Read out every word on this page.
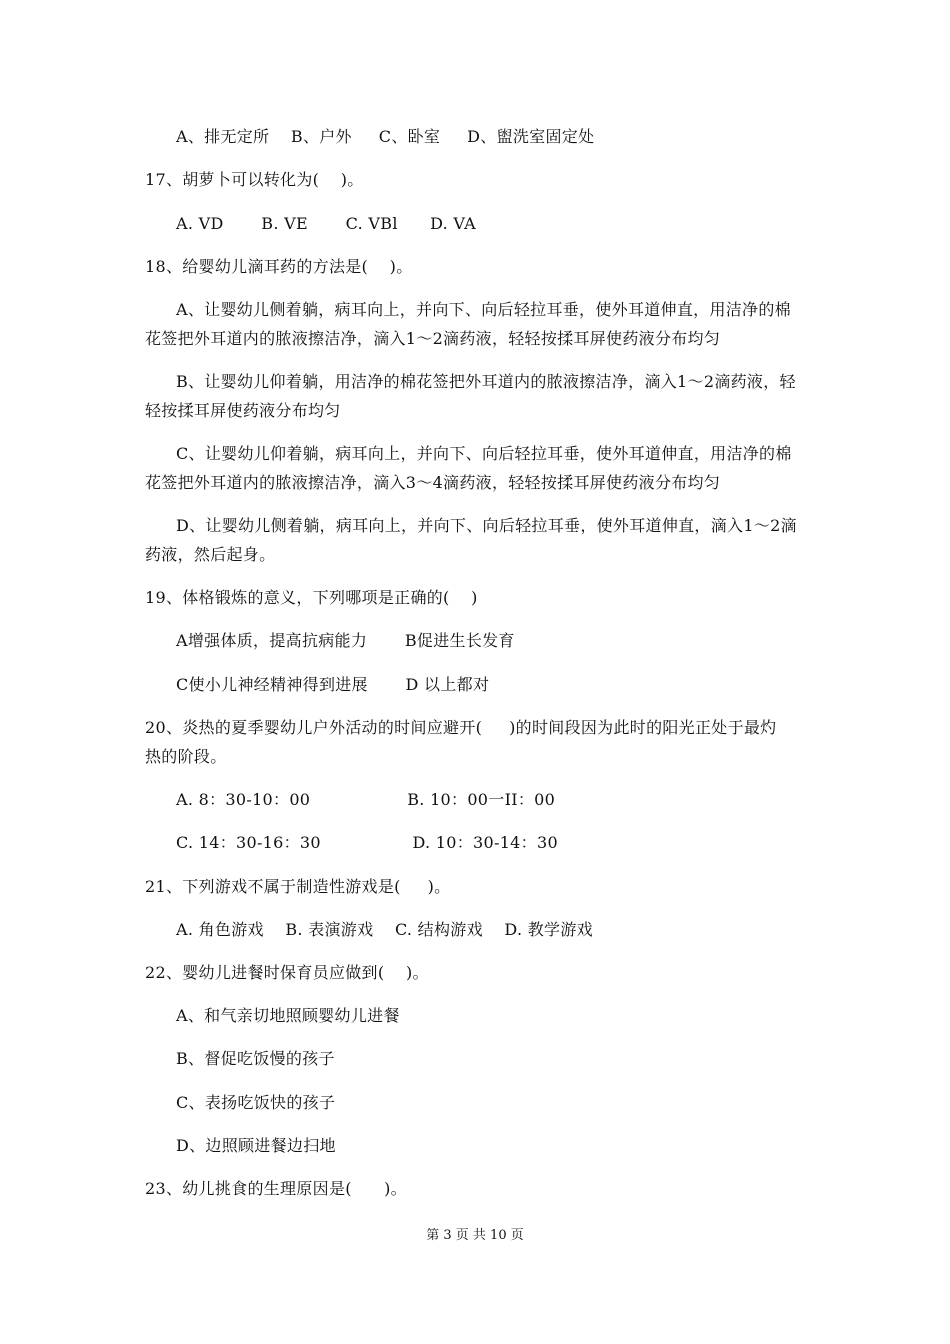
A、排无定所    B、户外     C、卧室     D、盥洗室固定处
17、胡萝卜可以转化为(    )。
A. VD       B. VE       C. VBl      D. VA
18、给婴幼儿滴耳药的方法是(    )。
A、让婴幼儿侧着躺，病耳向上，并向下、向后轻拉耳垂，使外耳道伸直，用洁净的棉
花签把外耳道内的脓液擦洁净，滴入1～2滴药液，轻轻按揉耳屏使药液分布均匀
B、让婴幼儿仰着躺，用洁净的棉花签把外耳道内的脓液擦洁净，滴入1～2滴药液，轻
轻按揉耳屏使药液分布均匀
C、让婴幼儿仰着躺，病耳向上，并向下、向后轻拉耳垂，使外耳道伸直，用洁净的棉
花签把外耳道内的脓液擦洁净，滴入3～4滴药液，轻轻按揉耳屏使药液分布均匀
D、让婴幼儿侧着躺，病耳向上，并向下、向后轻拉耳垂，使外耳道伸直，滴入1～2滴
药液，然后起身。
19、体格锻炼的意义，下列哪项是正确的(    )
A增强体质，提高抗病能力       B促进生长发育
C使小儿神经精神得到进展       D 以上都对
20、炎热的夏季婴幼儿户外活动的时间应避开(     )的时间段因为此时的阳光正处于最灼
热的阶段。
A. 8：30-10：00                  B. 10：00一II：00
C. 14：30-16：30                 D. 10：30-14：30
21、下列游戏不属于制造性游戏是(     )。
A. 角色游戏    B. 表演游戏    C. 结构游戏    D. 教学游戏
22、婴幼儿进餐时保育员应做到(    )。
A、和气亲切地照顾婴幼儿进餐
B、督促吃饭慢的孩子
C、表扬吃饭快的孩子
D、边照顾进餐边扫地
23、幼儿挑食的生理原因是(      )。
第 3 页 共 10 页
